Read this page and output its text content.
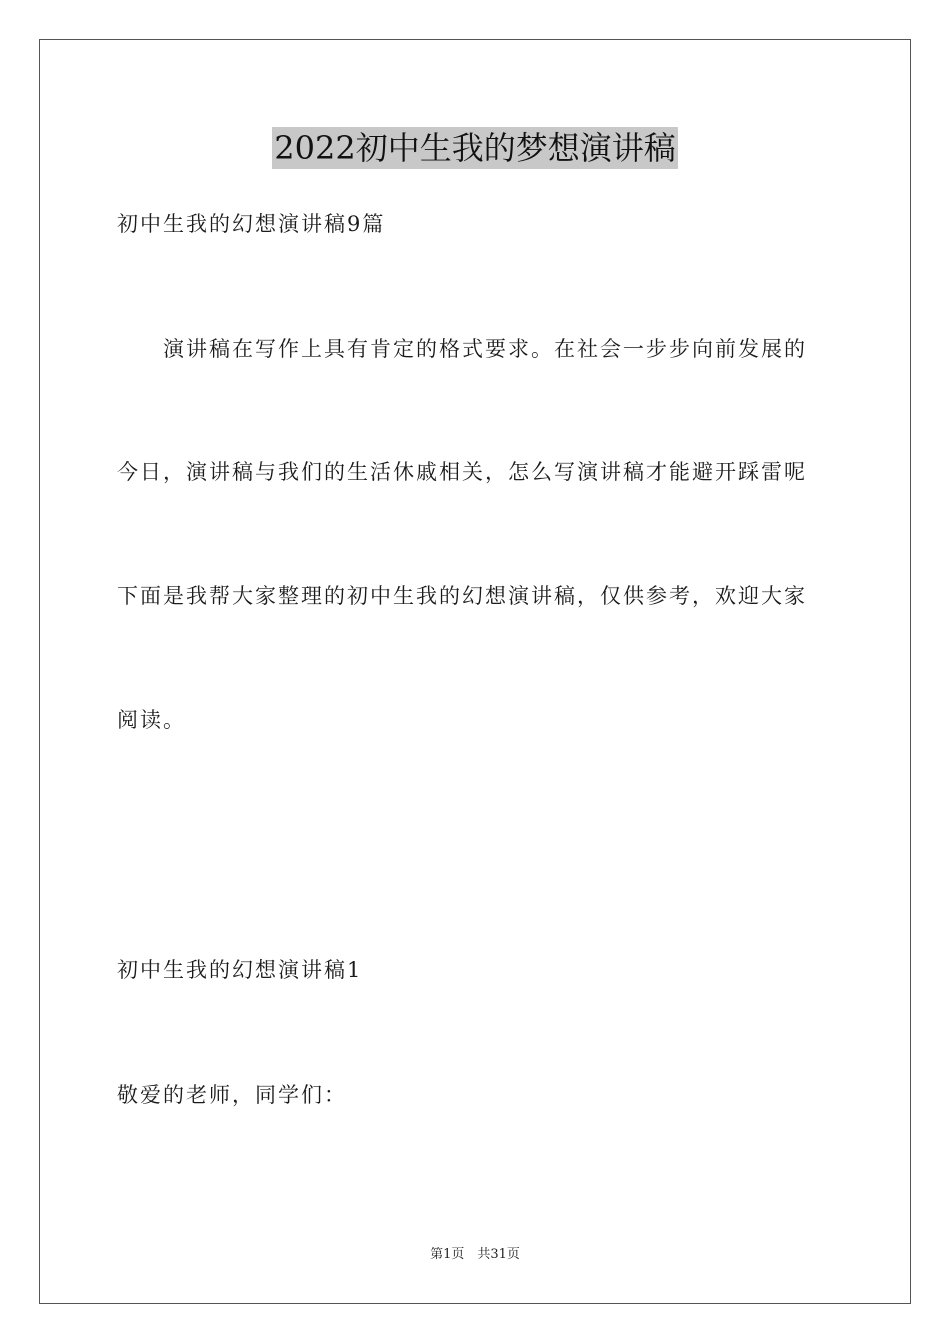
2022初中生我的梦想演讲稿
初中生我的幻想演讲稿9篇
　　演讲稿在写作上具有肯定的格式要求。在社会一步步向前发展的
今日，演讲稿与我们的生活休戚相关，怎么写演讲稿才能避开踩雷呢
下面是我帮大家整理的初中生我的幻想演讲稿，仅供参考，欢迎大家
阅读。
初中生我的幻想演讲稿1
敬爱的老师，同学们：
第1页　共31页
